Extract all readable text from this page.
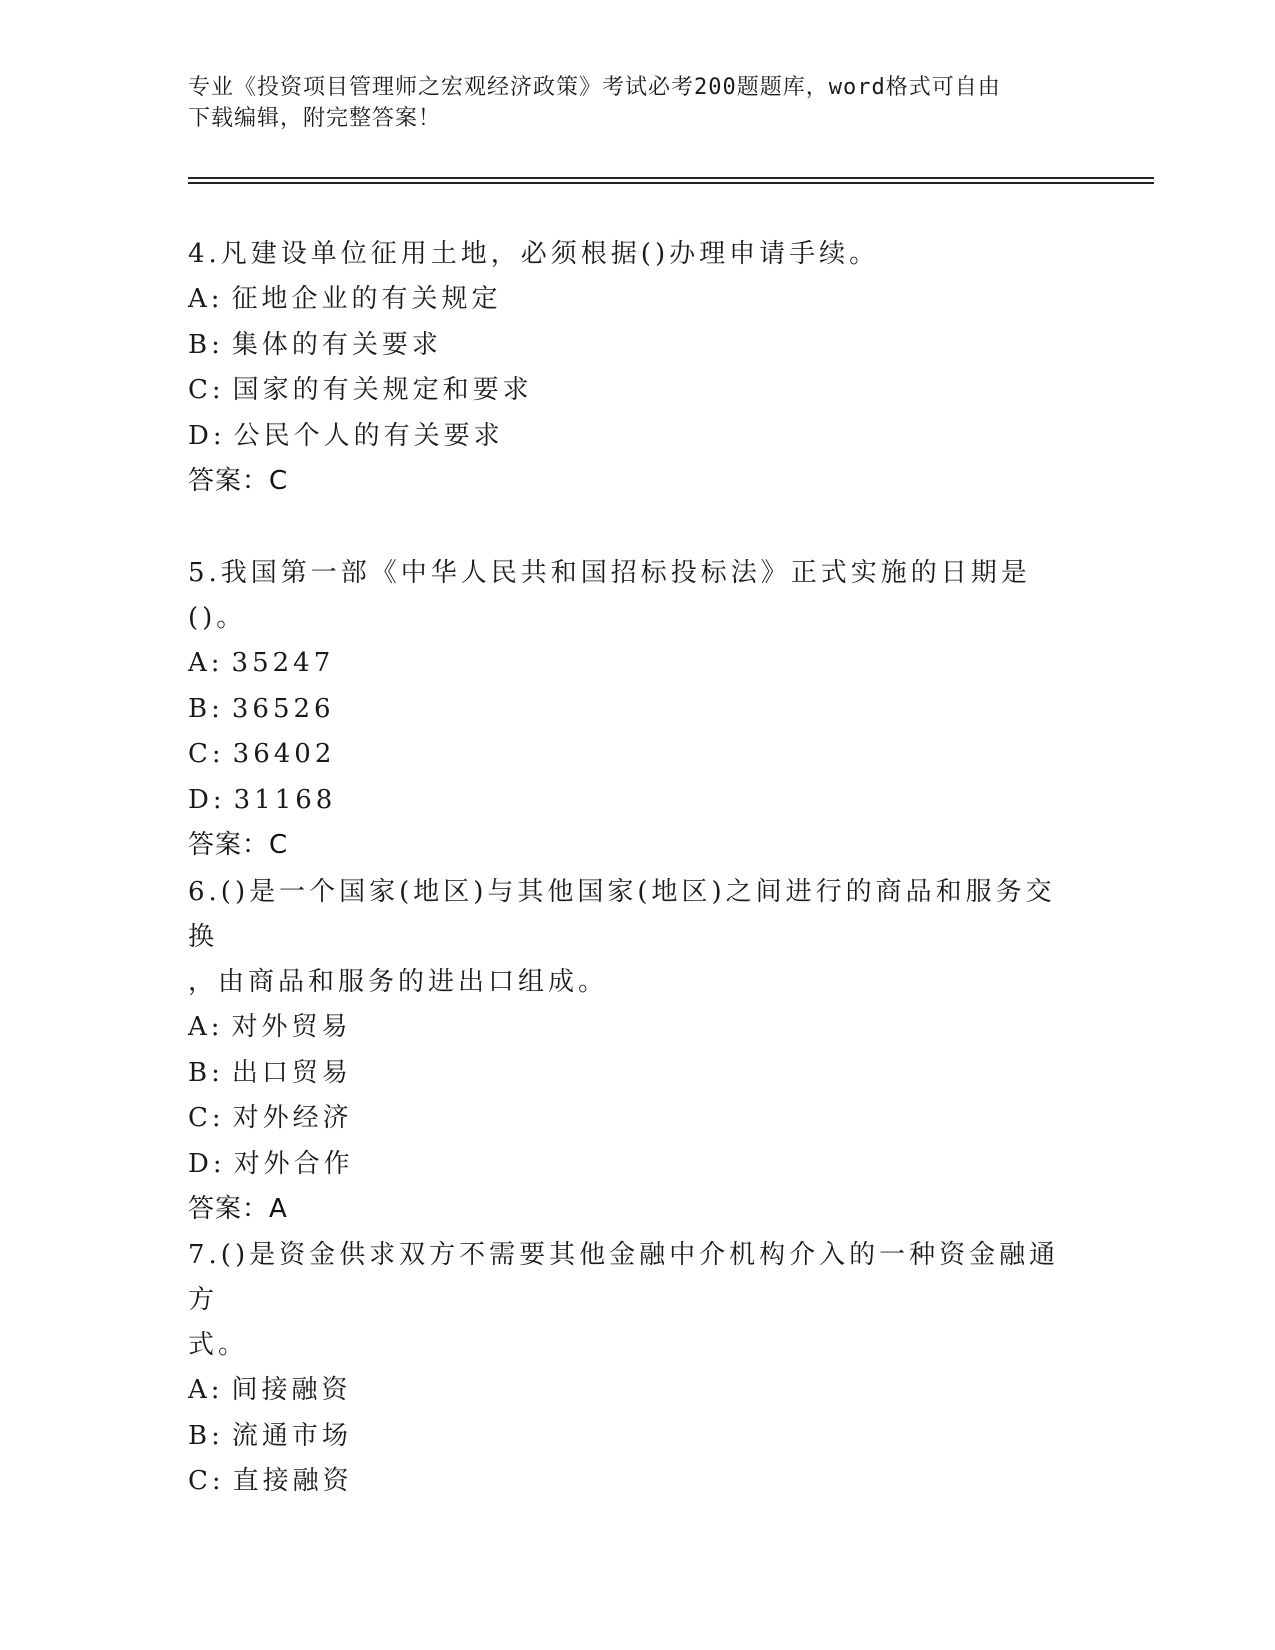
专业《投资项目管理师之宏观经济政策》考试必考200题题库，word格式可自由
下载编辑，附完整答案！

4.凡建设单位征用土地，必须根据()办理申请手续。

A: 征地企业的有关规定

B: 集体的有关要求

C: 国家的有关规定和要求

D: 公民个人的有关要求

答案：C

5.我国第一部《中华人民共和国招标投标法》正式实施的日期是()。

A: 35247

B: 36526

C: 36402

D: 31168

答案：C

6.()是一个国家(地区)与其他国家(地区)之间进行的商品和服务交换

，由商品和服务的进出口组成。

A: 对外贸易

B: 出口贸易

C: 对外经济

D: 对外合作

答案：A

7.()是资金供求双方不需要其他金融中介机构介入的一种资金融通方

式。

A: 间接融资

B: 流通市场

C: 直接融资
